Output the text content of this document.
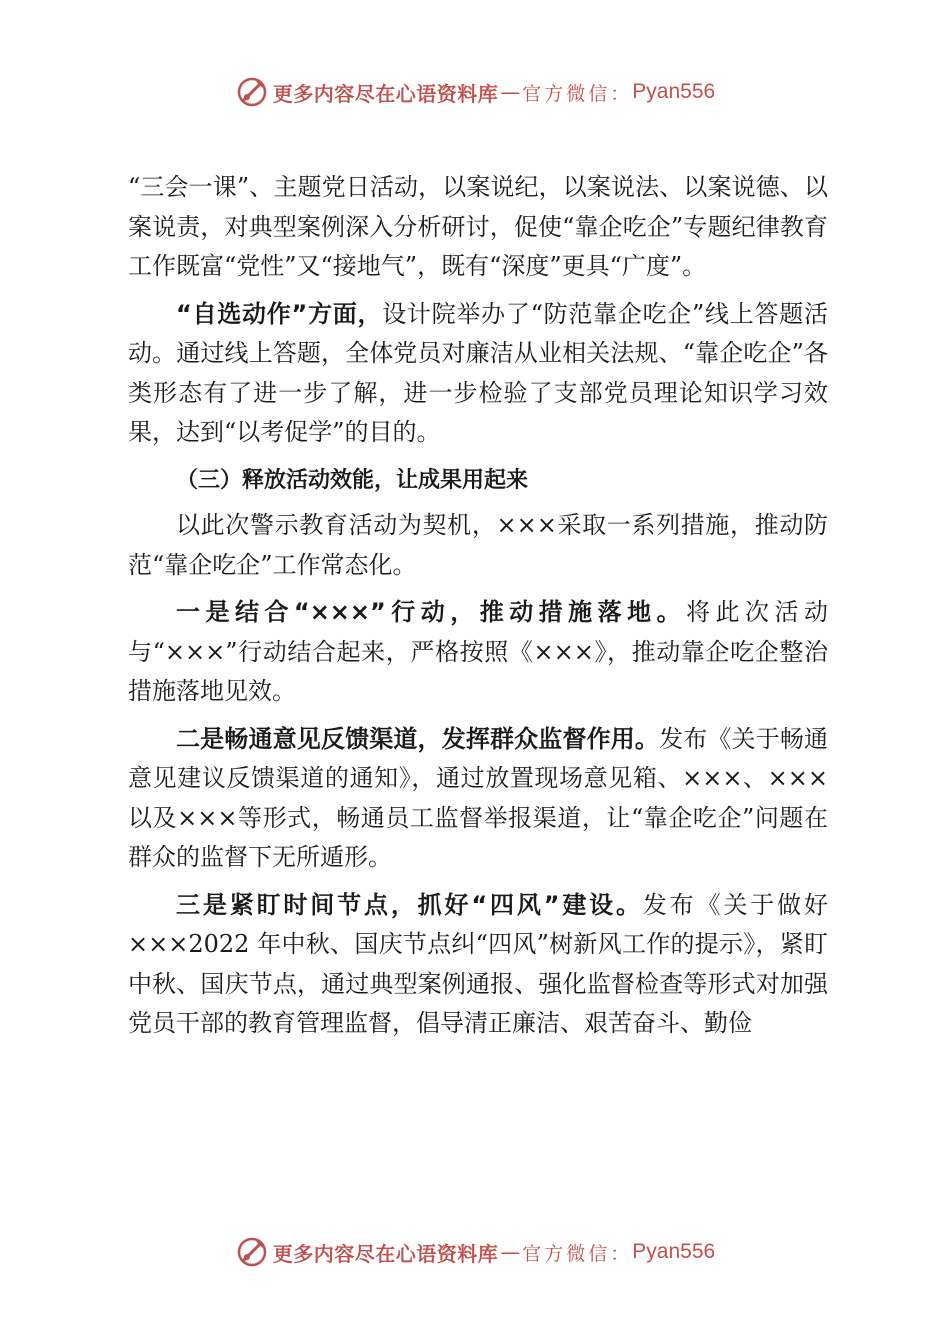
更多内容尽在心语资料库 — 官方微信： Pyan556

“三会一课”、主题党日活动，以案说纪，以案说法、以案说德、以案说责，对典型案例深入分析研讨，促使“靠企吃企”专题纪律教育工作既富“党性”又“接地气”，既有“深度”更具“广度”。

“自选动作”方面，设计院举办了“防范靠企吃企”线上答题活动。通过线上答题，全体党员对廉洁从业相关法规、“靠企吃企”各类形态有了进一步了解，进一步检验了支部党员理论知识学习效果，达到“以考促学”的目的。

（三）释放活动效能，让成果用起来

以此次警示教育活动为契机，×××采取一系列措施，推动防范“靠企吃企”工作常态化。

一是结合“×××”行动，推动措施落地。将此次活动与“×××”行动结合起来，严格按照《×××》，推动靠企吃企整治措施落地见效。

二是畅通意见反馈渠道，发挥群众监督作用。发布《关于畅通意见建议反馈渠道的通知》，通过放置现场意见箱、×××、×××以及×××等形式，畅通员工监督举报渠道，让“靠企吃企”问题在群众的监督下无所遁形。

三是紧盯时间节点，抓好“四风”建设。发布《关于做好×××2022 年中秋、国庆节点纠“四风”树新风工作的提示》，紧盯中秋、国庆节点，通过典型案例通报、强化监督检查等形式对加强党员干部的教育管理监督，倡导清正廉洁、艰苦奋斗、勤俭

更多内容尽在心语资料库 — 官方微信： Pyan556
